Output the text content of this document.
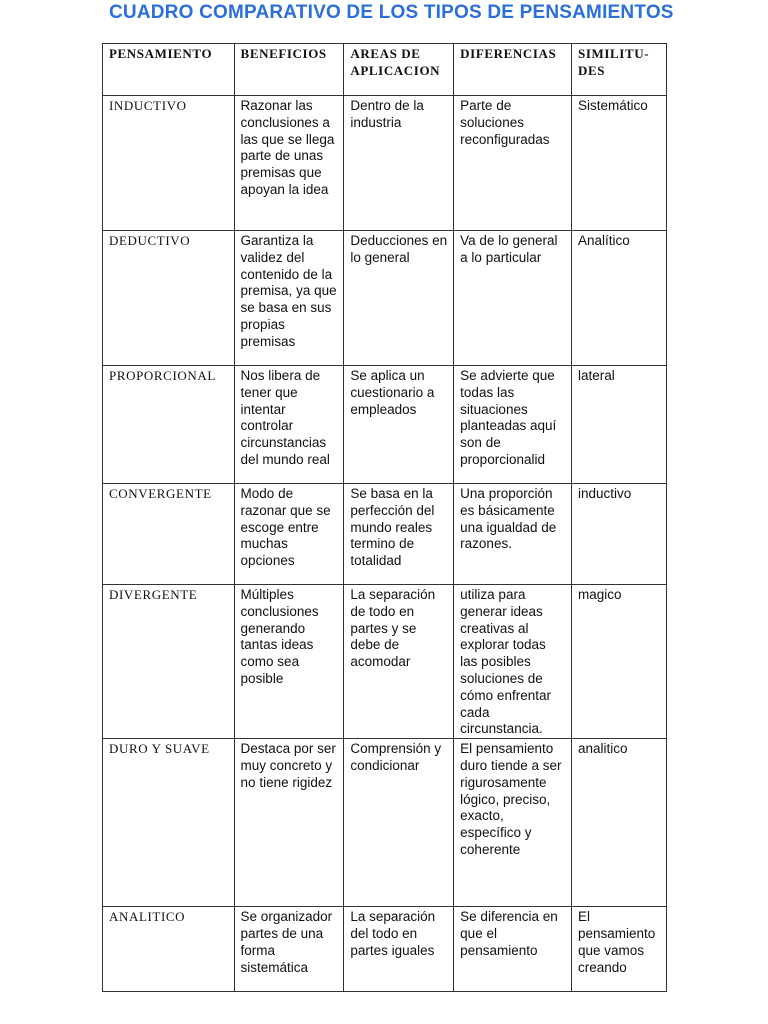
CUADRO COMPARATIVO DE LOS TIPOS DE PENSAMIENTOS
PENSAMIENTO	BENEFICIOS	AREAS DE APLICACION	DIFERENCIAS	SIMILITU-DES
INDUCTIVO	Razonar las conclusiones a las que se llega parte de unas premisas que apoyan la idea	Dentro de la industria	Parte de soluciones reconfiguradas	Sistemático
DEDUCTIVO	Garantiza la validez del contenido de la premisa, ya que se basa en sus propias premisas	Deducciones en lo general	Va de lo general a lo particular	Analítico
PROPORCIONAL	Nos libera de tener que intentar controlar circunstancias del mundo real	Se aplica un cuestionario a empleados	Se advierte que todas las situaciones planteadas aquí son de proporcionalid	lateral
CONVERGENTE	Modo de razonar que se escoge entre muchas opciones	Se basa en la perfección del mundo reales termino de totalidad	Una proporción es básicamente una igualdad de razones.	inductivo
DIVERGENTE	Múltiples conclusiones generando tantas ideas como sea posible	La separación de todo en partes y se debe de acomodar	utiliza para generar ideas creativas al explorar todas las posibles soluciones de cómo enfrentar cada circunstancia.	magico
DURO Y SUAVE	Destaca por ser muy concreto y no tiene rigidez	Comprensión y condicionar	El pensamiento duro tiende a ser rigurosamente lógico, preciso, exacto, específico y coherente	analitico
ANALITICO	Se organizador partes de una forma sistemática	La separación del todo en partes iguales	Se diferencia en que el pensamiento	El pensamiento que vamos creando
